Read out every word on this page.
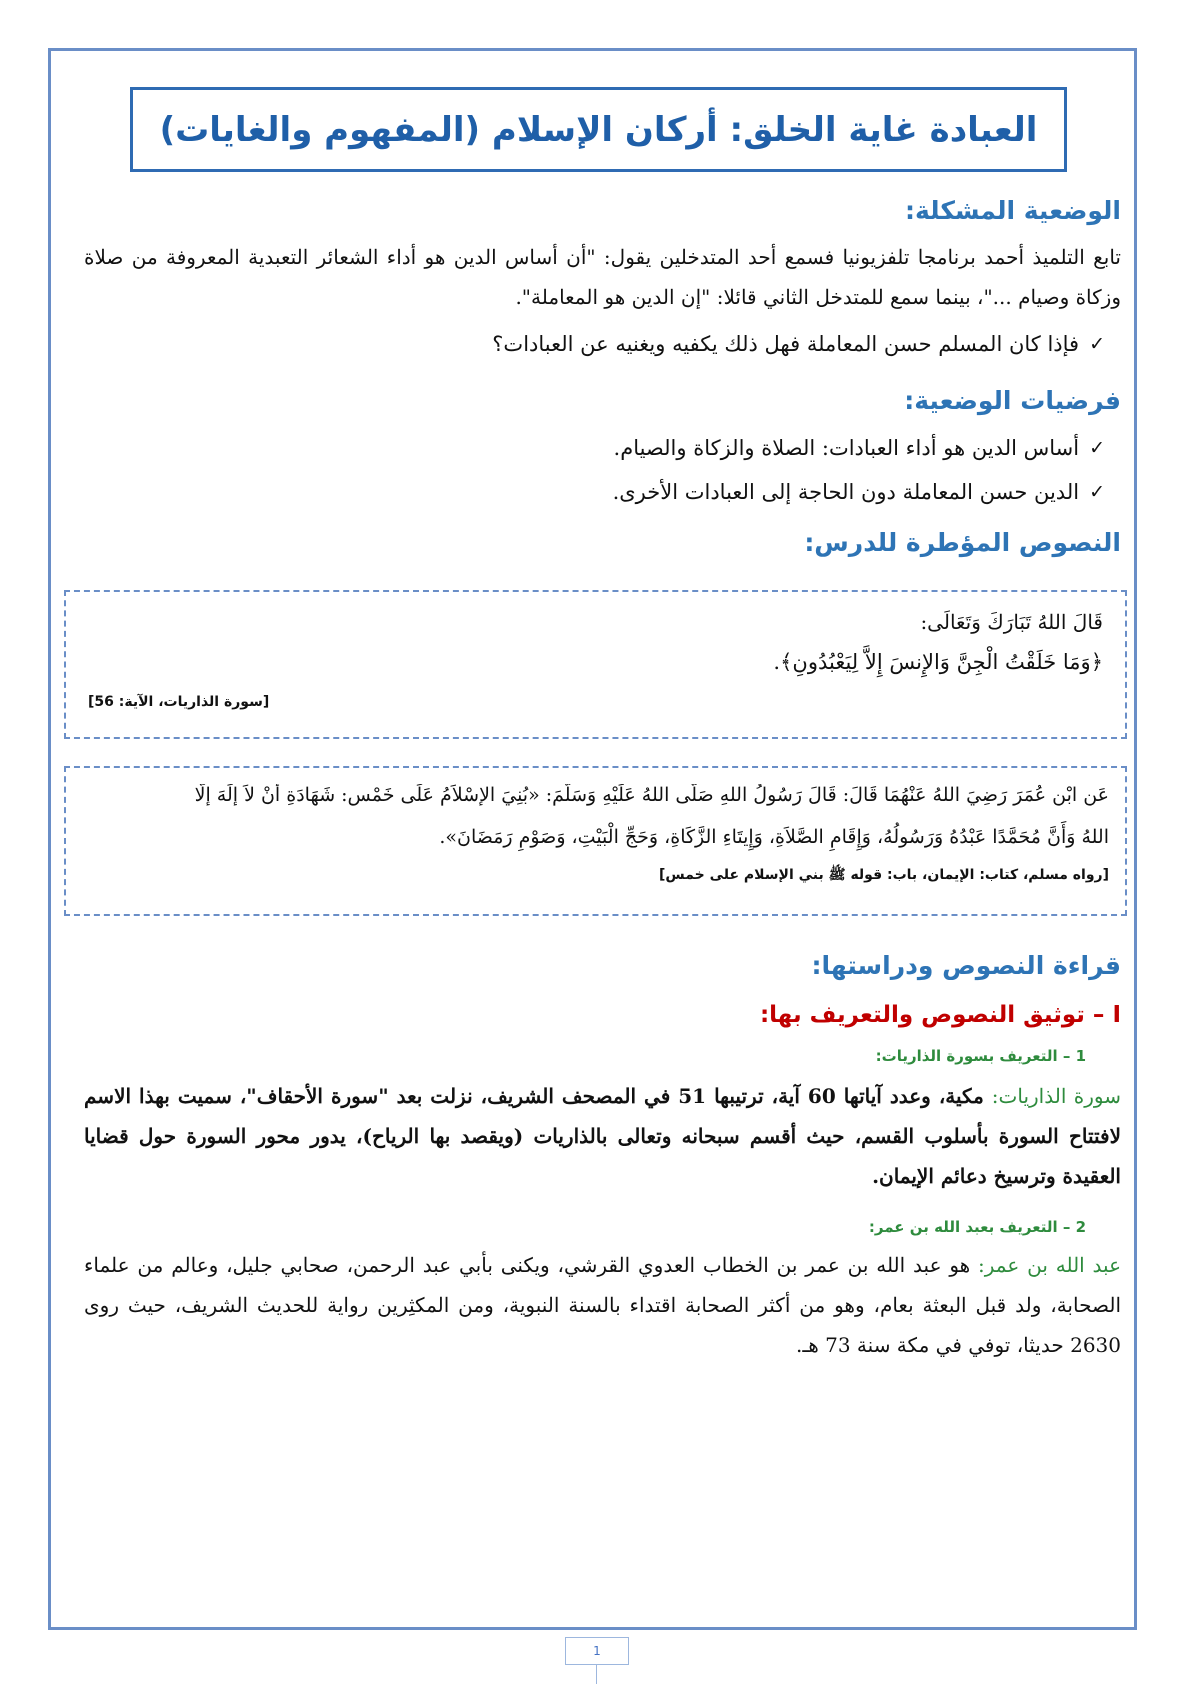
العبادة غاية الخلق: أركان الإسلام (المفهوم والغايات)
الوضعية المشكلة:

تابع التلميذ أحمد برنامجا تلفزيونيا فسمع أحد المتدخلين يقول: "أن أساس الدين هو أداء الشعائر التعبدية المعروفة من صلاة وزكاة وصيام ..."، بينما سمع للمتدخل الثاني قائلا: "إن الدين هو المعاملة".

✓
فإذا كان المسلم حسن المعاملة فهل ذلك يكفيه ويغنيه عن العبادات؟
فرضيات الوضعية:
✓
أساس الدين هو أداء العبادات: الصلاة والزكاة والصيام.
✓
الدين حسن المعاملة دون الحاجة إلى العبادات الأخرى.
النصوص المؤطرة للدرس:
قَالَ اللهُ تَبَارَكَ وَتَعَالَى:
﴿وَمَا خَلَقْتُ الْجِنَّ وَالإِنسَ إِلاَّ لِيَعْبُدُونِ﴾.
[سورة الذاريات، الآية: 56]
عَنِ ابْنِ عُمَرَ رَضِيَ اللهُ عَنْهُمَا قَالَ: قَالَ رَسُولُ اللهِ صَلَّى اللهُ عَلَيْهِ وَسَلَّمَ: «بُنِيَ الإِسْلاَمُ عَلَى خَمْسٍ: شَهَادَةِ أَنْ لاَ إِلَهَ إِلَّا
اللهُ وَأَنَّ مُحَمَّدًا عَبْدُهُ وَرَسُولُهُ، وَإِقَامِ الصَّلاَةِ، وَإِيتَاءِ الزَّكَاةِ، وَحَجِّ الْبَيْتِ، وَصَوْمِ رَمَضَانَ».
[رواه مسلم، كتاب: الإيمان، باب: قوله ﷺ بني الإسلام على خمس]
قراءة النصوص ودراستها:

I – توثيق النصوص والتعريف بها:

1 – التعريف بسورة الذاريات:

سورة الذاريات: مكية، وعدد آياتها 60 آية، ترتيبها 51 في المصحف الشريف، نزلت بعد "سورة الأحقاف"، سميت بهذا الاسم لافتتاح السورة بأسلوب القسم، حيث أقسم سبحانه وتعالى بالذاريات (ويقصد بها الرياح)، يدور محور السورة حول قضايا العقيدة وترسيخ دعائم الإيمان.

2 – التعريف بعبد الله بن عمر:

عبد الله بن عمر: هو عبد الله بن عمر بن الخطاب العدوي القرشي، ويكنى بأبي عبد الرحمن، صحابي جليل، وعالم من علماء الصحابة، ولد قبل البعثة بعام، وهو من أكثر الصحابة اقتداء بالسنة النبوية، ومن المكثِرين رواية للحديث الشريف، حيث روى 2630 حديثا، توفي في مكة سنة 73 هـ.

1
